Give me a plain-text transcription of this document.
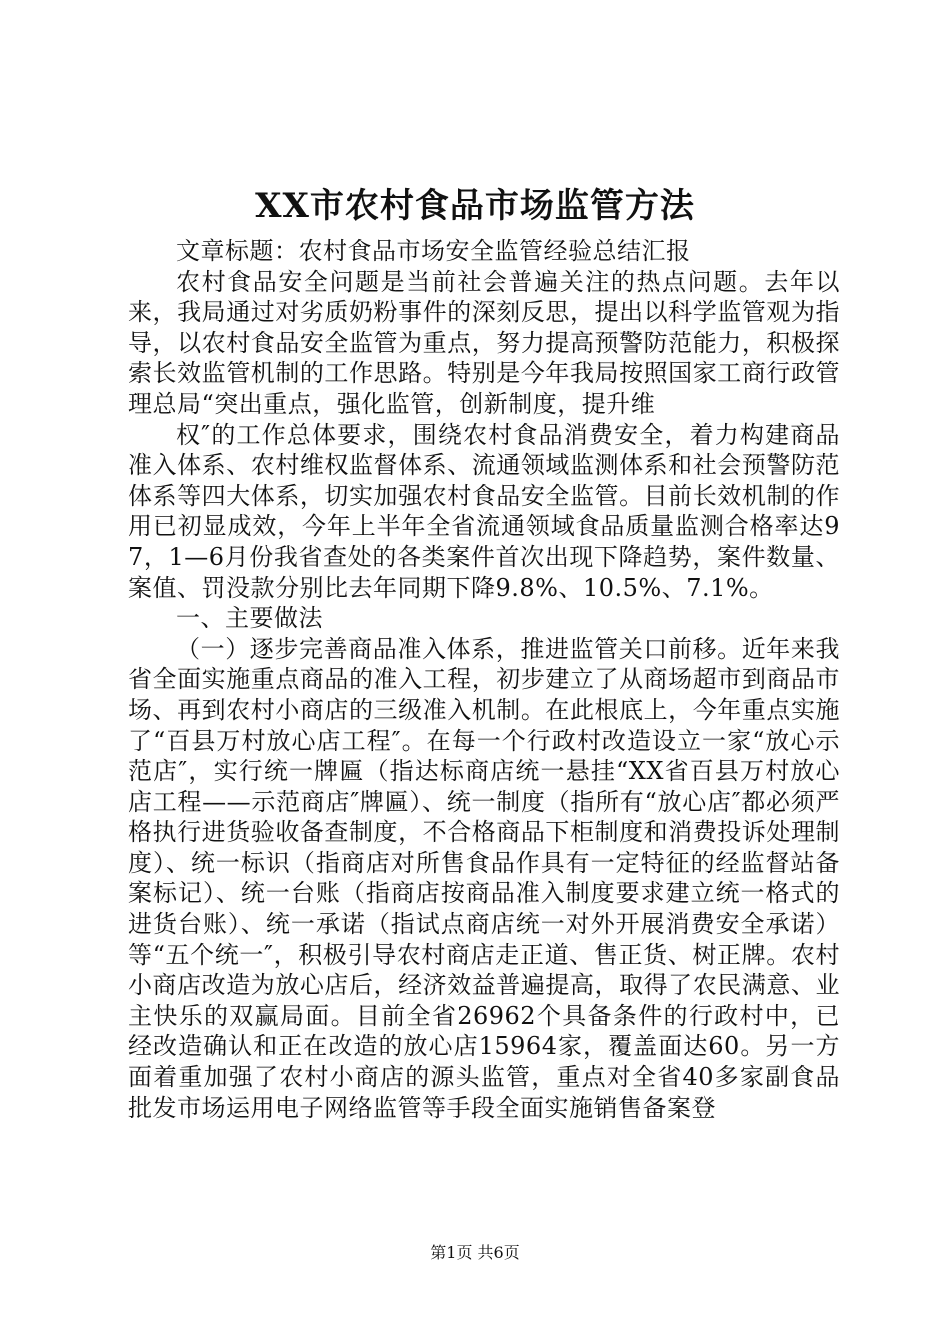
XX市农村食品市场监管方法

文章标题：农村食品市场安全监管经验总结汇报

农村食品安全问题是当前社会普遍关注的热点问题。去年以来，我局通过对劣质奶粉事件的深刻反思，提出以科学监管观为指导，以农村食品安全监管为重点，努力提高预警防范能力，积极探索长效监管机制的工作思路。特别是今年我局按照国家工商行政管理总局“突出重点，强化监管，创新制度，提升维

权″的工作总体要求，围绕农村食品消费安全，着力构建商品准入体系、农村维权监督体系、流通领域监测体系和社会预警防范体系等四大体系，切实加强农村食品安全监管。目前长效机制的作用已初显成效，今年上半年全省流通领域食品质量监测合格率达97，1—6月份我省查处的各类案件首次出现下降趋势，案件数量、案值、罚没款分别比去年同期下降9.8%、10.5%、7.1%。

一、主要做法

（一）逐步完善商品准入体系，推进监管关口前移。近年来我省全面实施重点商品的准入工程，初步建立了从商场超市到商品市场、再到农村小商店的三级准入机制。在此根底上，今年重点实施了“百县万村放心店工程″。在每一个行政村改造设立一家“放心示范店″，实行统一牌匾（指达标商店统一悬挂“XX省百县万村放心店工程——示范商店″牌匾）、统一制度（指所有“放心店″都必须严格执行进货验收备查制度，不合格商品下柜制度和消费投诉处理制度）、统一标识（指商店对所售食品作具有一定特征的经监督站备案标记）、统一台账（指商店按商品准入制度要求建立统一格式的进货台账）、统一承诺（指试点商店统一对外开展消费安全承诺）等“五个统一″，积极引导农村商店走正道、售正货、树正牌。农村小商店改造为放心店后，经济效益普遍提高，取得了农民满意、业主快乐的双赢局面。目前全省26962个具备条件的行政村中，已经改造确认和正在改造的放心店15964家，覆盖面达60。另一方面着重加强了农村小商店的源头监管，重点对全省40多家副食品批发市场运用电子网络监管等手段全面实施销售备案登

第1页 共6页
